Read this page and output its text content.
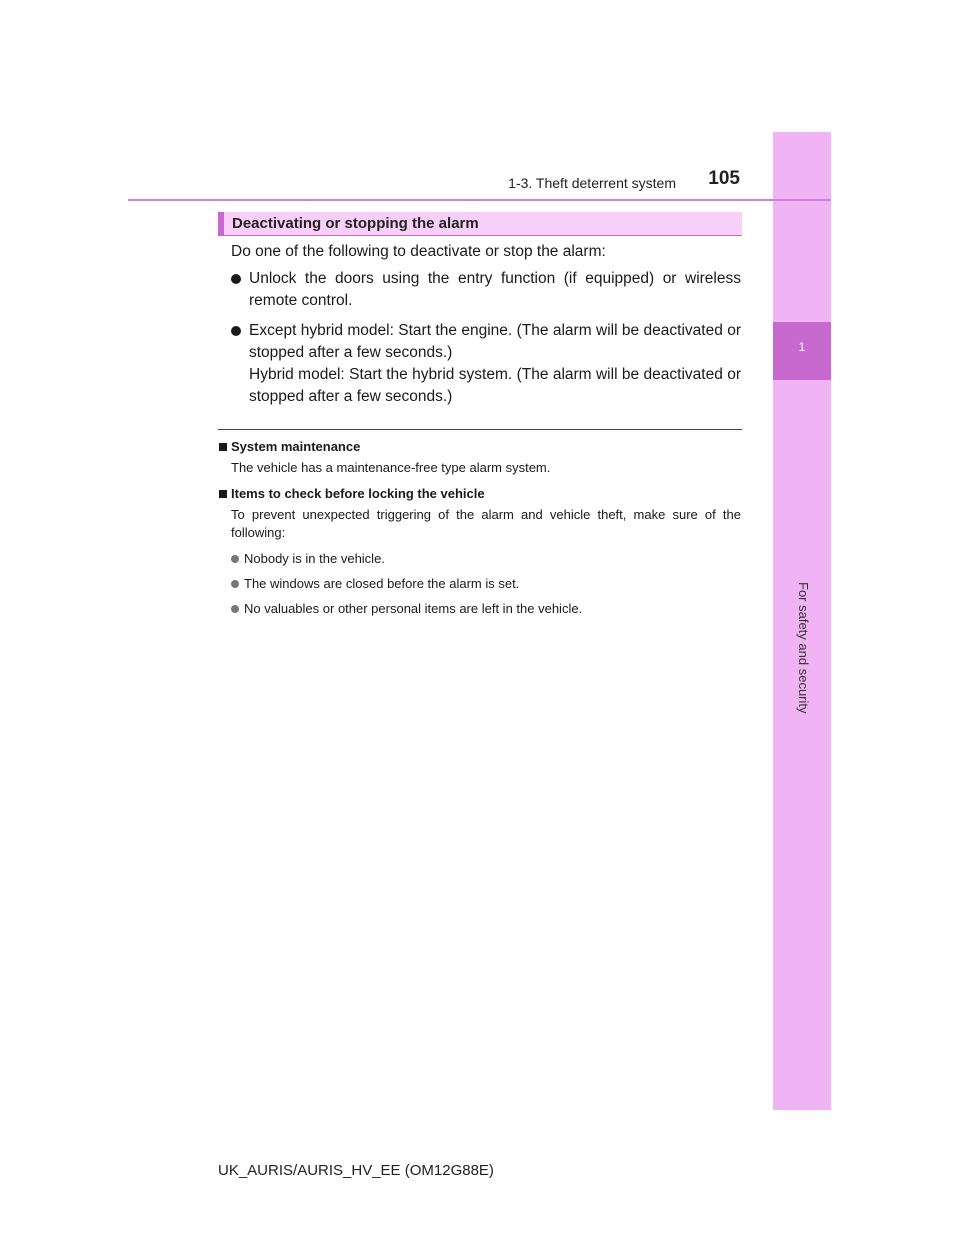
1
For safety and security
1-3. Theft deterrent system	105
Deactivating or stopping the alarm
Do one of the following to deactivate or stop the alarm:
Unlock the doors using the entry function (if equipped) or wireless remote control.
Except hybrid model: Start the engine. (The alarm will be deactivated or stopped after a few seconds.)
Hybrid model: Start the hybrid system. (The alarm will be deactivated or stopped after a few seconds.)
System maintenance
The vehicle has a maintenance-free type alarm system.
Items to check before locking the vehicle
To prevent unexpected triggering of the alarm and vehicle theft, make sure of the following:
Nobody is in the vehicle.
The windows are closed before the alarm is set.
No valuables or other personal items are left in the vehicle.
UK_AURIS/AURIS_HV_EE (OM12G88E)
